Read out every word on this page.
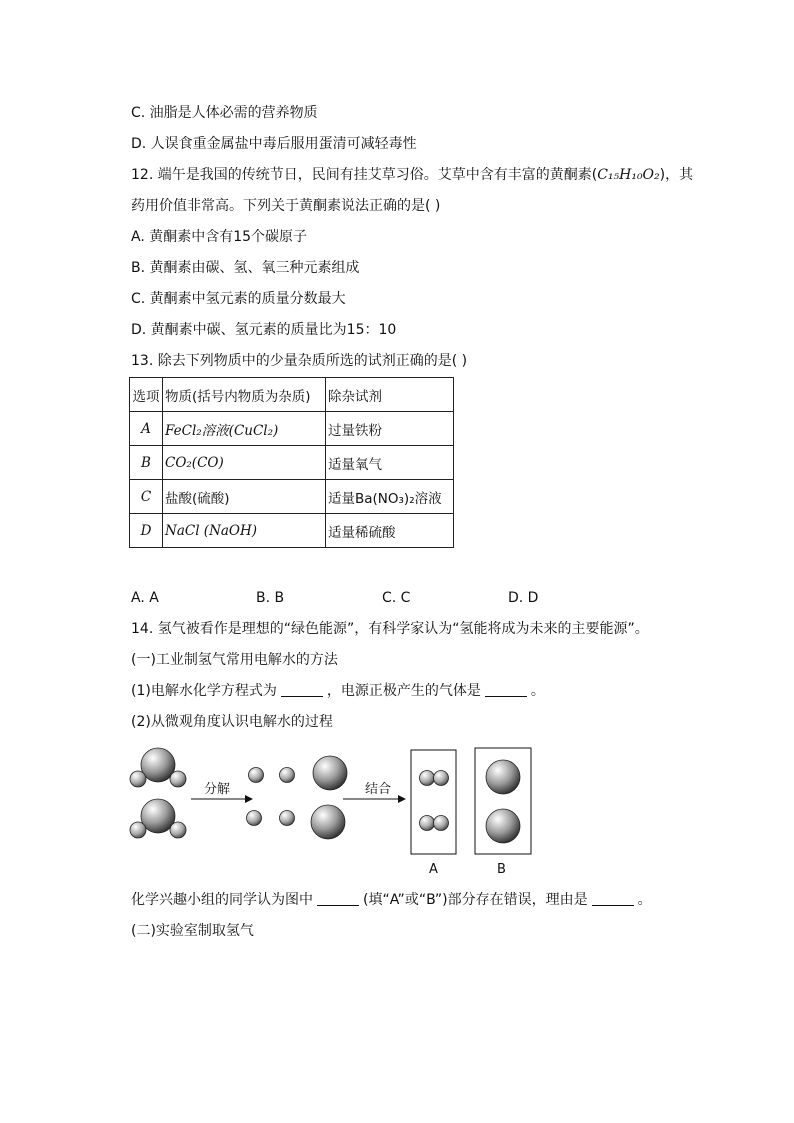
C. 油脂是人体必需的营养物质
D. 人误食重金属盐中毒后服用蛋清可减轻毒性
12. 端午是我国的传统节日，民间有挂艾草习俗。艾草中含有丰富的黄酮素(C₁₅H₁₀O₂)，其
药用价值非常高。下列关于黄酮素说法正确的是( )
A. 黄酮素中含有15个碳原子
B. 黄酮素由碳、氢、氧三种元素组成
C. 黄酮素中氢元素的质量分数最大
D. 黄酮素中碳、氢元素的质量比为15：10
13. 除去下列物质中的少量杂质所选的试剂正确的是( )
选项	物质(括号内物质为杂质)	除杂试剂
A	FeCl₂溶液(CuCl₂)	过量铁粉
B	CO₂(CO)	适量氧气
C	盐酸(硫酸)	适量Ba(NO₃)₂溶液
D	NaCl (NaOH)	适量稀硫酸
A. A	B. B	C. C	D. D
14. 氢气被看作是理想的“绿色能源”，有科学家认为“氢能将成为未来的主要能源”。
(一)工业制氢气常用电解水的方法
(1)电解水化学方程式为	，电源正极产生的气体是	。
(2)从微观角度认识电解水的过程
分解	结合
A	B
化学兴趣小组的同学认为图中	(填“A”或“B”)部分存在错误，理由是	。
(二)实验室制取氢气
